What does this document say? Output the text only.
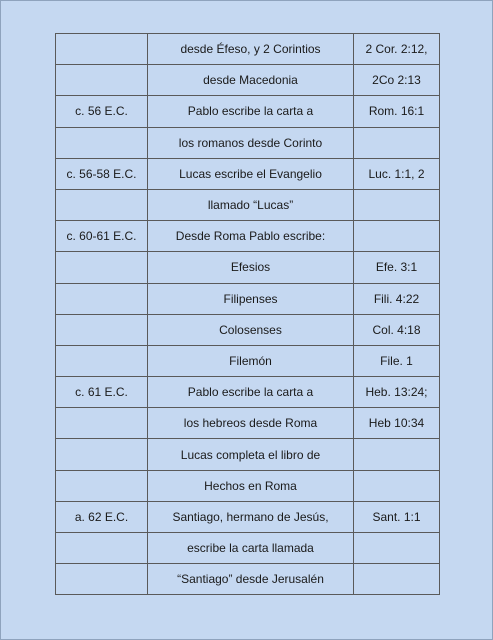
	desde Éfeso, y 2 Corintios	2 Cor. 2:12,
	desde Macedonia	2Co 2:13
c. 56 E.C.	Pablo escribe la carta a	Rom. 16:1
	los romanos desde Corinto	
c. 56-58 E.C.	Lucas escribe el Evangelio	Luc. 1:1, 2
	llamado “Lucas”	
c. 60-61 E.C.	Desde Roma Pablo escribe:	
	Efesios	Efe. 3:1
	Filipenses	Fili. 4:22
	Colosenses	Col. 4:18
	Filemón	File. 1
c. 61 E.C.	Pablo escribe la carta a	Heb. 13:24;
	los hebreos desde Roma	Heb 10:34
	Lucas completa el libro de	
	Hechos en Roma	
a. 62 E.C.	Santiago, hermano de Jesús,	Sant. 1:1
	escribe la carta llamada	
	“Santiago” desde Jerusalén	
